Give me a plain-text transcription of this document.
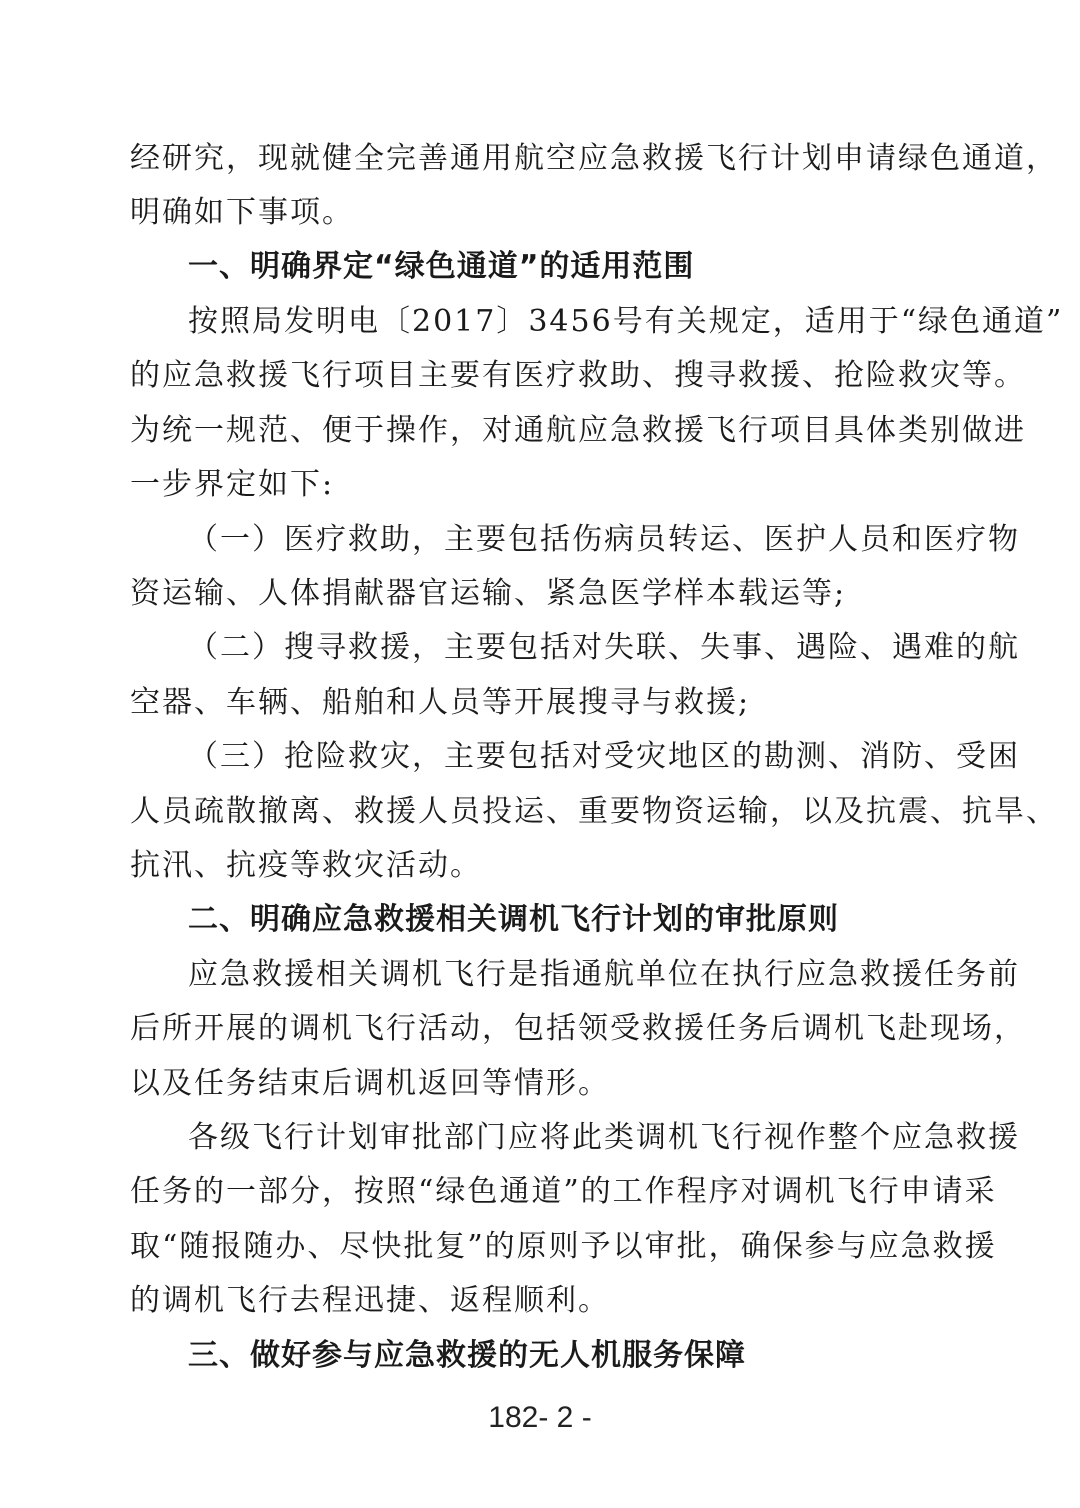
经研究，现就健全完善通用航空应急救援飞行计划申请绿色通道，
明确如下事项。
一、明确界定“绿色通道”的适用范围
按照局发明电〔2017〕3456号有关规定，适用于“绿色通道”
的应急救援飞行项目主要有医疗救助、搜寻救援、抢险救灾等。
为统一规范、便于操作，对通航应急救援飞行项目具体类别做进
一步界定如下:
（一）医疗救助，主要包括伤病员转运、医护人员和医疗物
资运输、人体捐献器官运输、紧急医学样本载运等;
（二）搜寻救援，主要包括对失联、失事、遇险、遇难的航
空器、车辆、船舶和人员等开展搜寻与救援;
（三）抢险救灾，主要包括对受灾地区的勘测、消防、受困
人员疏散撤离、救援人员投运、重要物资运输，以及抗震、抗旱、
抗汛、抗疫等救灾活动。
二、明确应急救援相关调机飞行计划的审批原则
应急救援相关调机飞行是指通航单位在执行应急救援任务前
后所开展的调机飞行活动，包括领受救援任务后调机飞赴现场，
以及任务结束后调机返回等情形。
各级飞行计划审批部门应将此类调机飞行视作整个应急救援
任务的一部分，按照“绿色通道”的工作程序对调机飞行申请采
取“随报随办、尽快批复”的原则予以审批，确保参与应急救援
的调机飞行去程迅捷、返程顺利。
三、做好参与应急救援的无人机服务保障
182- 2 -
